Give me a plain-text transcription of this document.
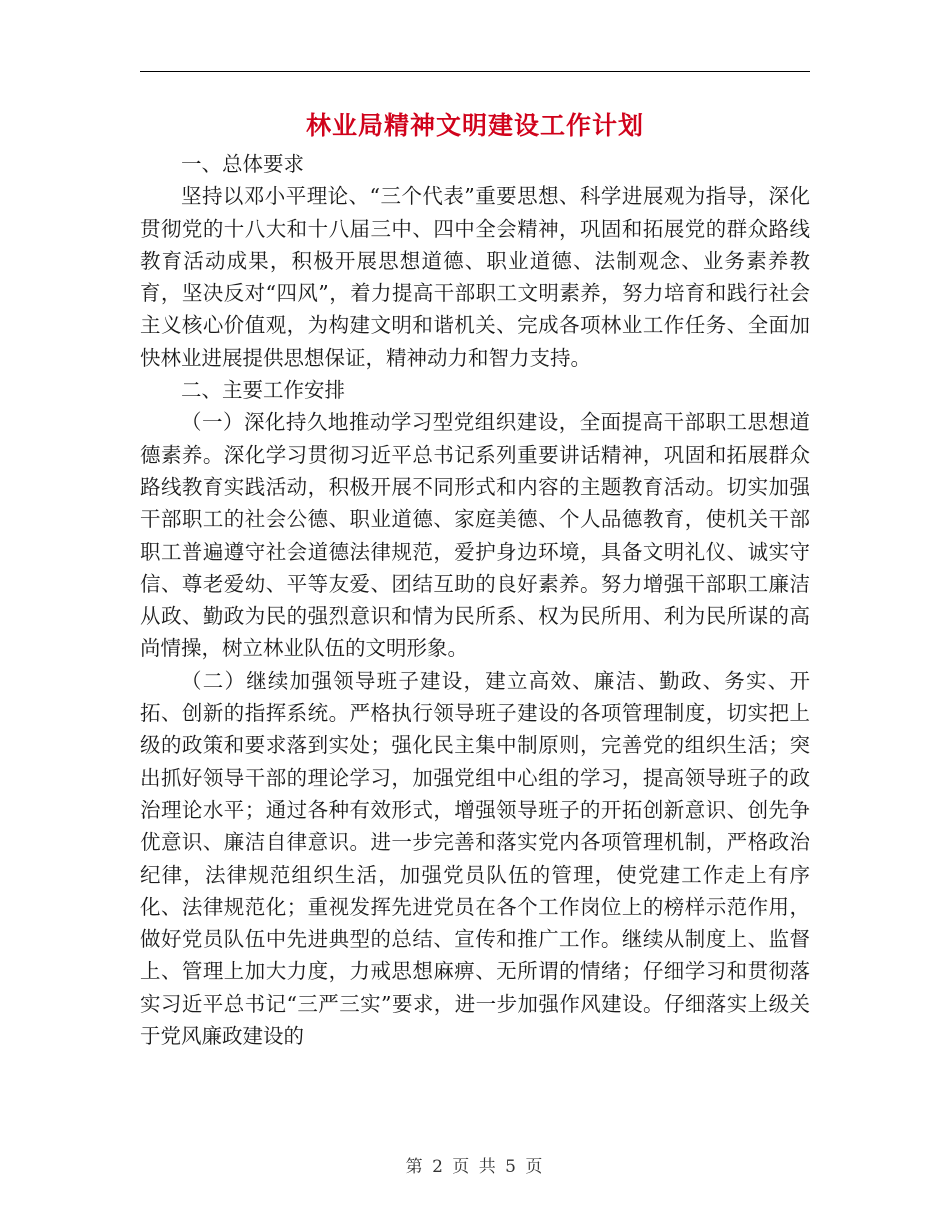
林业局精神文明建设工作计划

一、总体要求

坚持以邓小平理论、“三个代表”重要思想、科学进展观为指导，深化贯彻党的十八大和十八届三中、四中全会精神，巩固和拓展党的群众路线教育活动成果，积极开展思想道德、职业道德、法制观念、业务素养教育，坚决反对“四风”，着力提高干部职工文明素养，努力培育和践行社会主义核心价值观，为构建文明和谐机关、完成各项林业工作任务、全面加快林业进展提供思想保证，精神动力和智力支持。

二、主要工作安排

（一）深化持久地推动学习型党组织建设，全面提高干部职工思想道德素养。深化学习贯彻习近平总书记系列重要讲话精神，巩固和拓展群众路线教育实践活动，积极开展不同形式和内容的主题教育活动。切实加强干部职工的社会公德、职业道德、家庭美德、个人品德教育，使机关干部职工普遍遵守社会道德法律规范，爱护身边环境，具备文明礼仪、诚实守信、尊老爱幼、平等友爱、团结互助的良好素养。努力增强干部职工廉洁从政、勤政为民的强烈意识和情为民所系、权为民所用、利为民所谋的高尚情操，树立林业队伍的文明形象。

（二）继续加强领导班子建设，建立高效、廉洁、勤政、务实、开拓、创新的指挥系统。严格执行领导班子建设的各项管理制度，切实把上级的政策和要求落到实处；强化民主集中制原则，完善党的组织生活；突出抓好领导干部的理论学习，加强党组中心组的学习，提高领导班子的政治理论水平；通过各种有效形式，增强领导班子的开拓创新意识、创先争优意识、廉洁自律意识。进一步完善和落实党内各项管理机制，严格政治纪律，法律规范组织生活，加强党员队伍的管理，使党建工作走上有序化、法律规范化；重视发挥先进党员在各个工作岗位上的榜样示范作用，做好党员队伍中先进典型的总结、宣传和推广工作。继续从制度上、监督上、管理上加大力度，力戒思想麻痹、无所谓的情绪；仔细学习和贯彻落实习近平总书记“三严三实”要求，进一步加强作风建设。仔细落实上级关于党风廉政建设的

第 2 页 共 5 页
